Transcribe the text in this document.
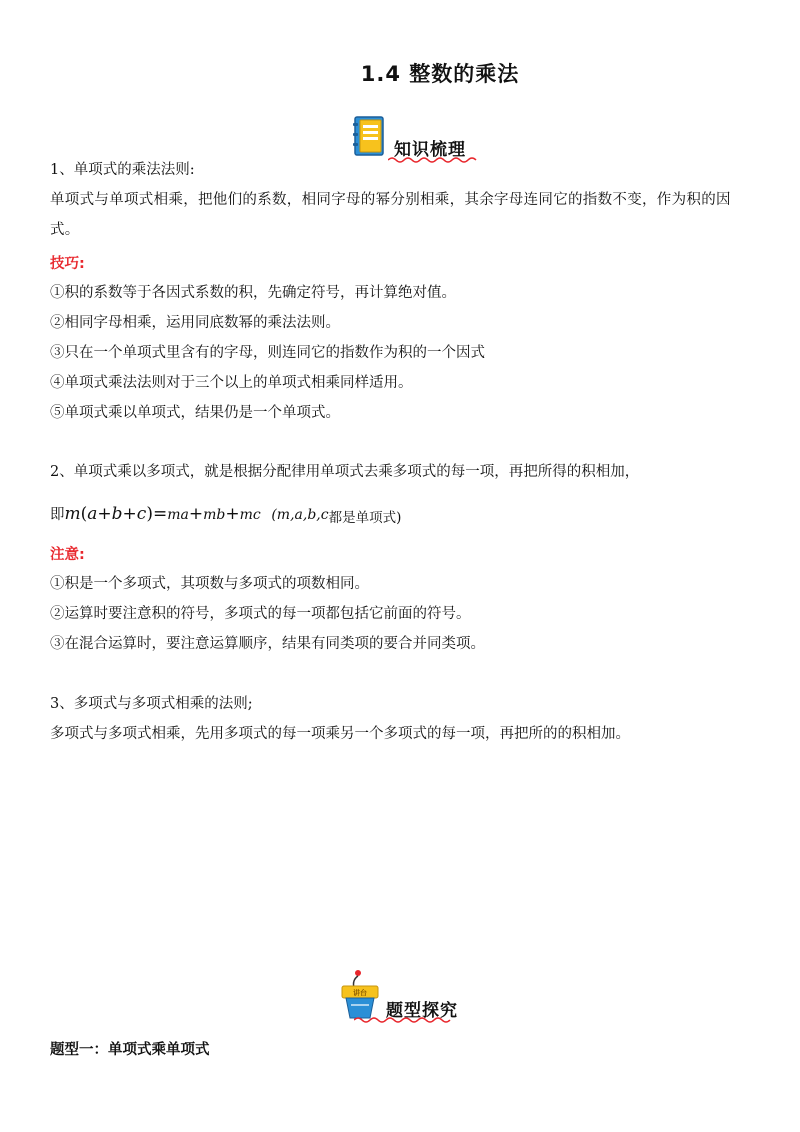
1.4 整数的乘法
知识梳理
1、单项式的乘法法则:
单项式与单项式相乘，把他们的系数，相同字母的幂分别相乘，其余字母连同它的指数不变，作为积的因式。
技巧:
①积的系数等于各因式系数的积，先确定符号，再计算绝对值。
②相同字母相乘，运用同底数幂的乘法法则。
③只在一个单项式里含有的字母，则连同它的指数作为积的一个因式
④单项式乘法法则对于三个以上的单项式相乘同样适用。
⑤单项式乘以单项式，结果仍是一个单项式。
2、单项式乘以多项式，就是根据分配律用单项式去乘多项式的每一项，再把所得的积相加，
即m(a+b+c)=ma+mb+mc (m,a,b,c都是单项式)
注意:
①积是一个多项式，其项数与多项式的项数相同。
②运算时要注意积的符号，多项式的每一项都包括它前面的符号。
③在混合运算时，要注意运算顺序，结果有同类项的要合并同类项。
3、多项式与多项式相乘的法则;
多项式与多项式相乘，先用多项式的每一项乘另一个多项式的每一项，再把所的的积相加。
讲台
题型探究
题型一：单项式乘单项式
